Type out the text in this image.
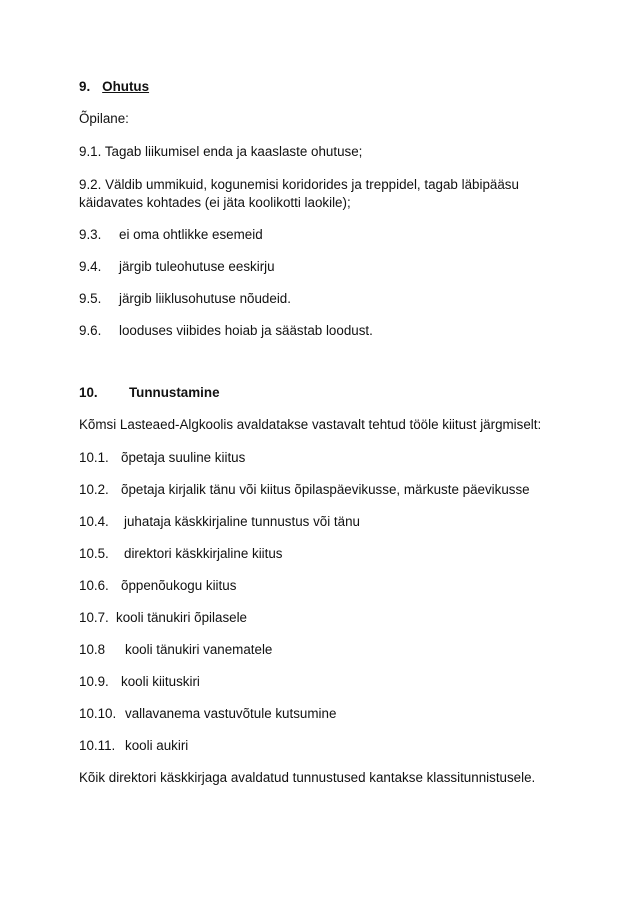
9. Ohutus
Õpilane:
9.1. Tagab liikumisel enda ja kaaslaste ohutuse;
9.2. Väldib ummikuid, kogunemisi koridorides ja treppidel, tagab läbipääsu
käidavates kohtades (ei jäta koolikotti laokile);
9.3. ei oma ohtlikke esemeid
9.4. järgib tuleohutuse eeskirju
9.5. järgib liiklusohutuse nõudeid.
9.6. looduses viibides hoiab ja säästab loodust.
10. Tunnustamine
Kõmsi Lasteaed-Algkoolis avaldatakse vastavalt tehtud tööle kiitust järgmiselt:
10.1. õpetaja suuline kiitus
10.2. õpetaja kirjalik tänu või kiitus õpilaspäevikusse, märkuste päevikusse
10.4. juhataja käskkirjaline tunnustus või tänu
10.5. direktori käskkirjaline kiitus
10.6. õppenõukogu kiitus
10.7. kooli tänukiri õpilasele
10.8 kooli tänukiri vanematele
10.9. kooli kiituskiri
10.10. vallavanema vastuvõtule kutsumine
10.11. kooli aukiri
Kõik direktori käskkirjaga avaldatud tunnustused kantakse klassitunnistusele.
